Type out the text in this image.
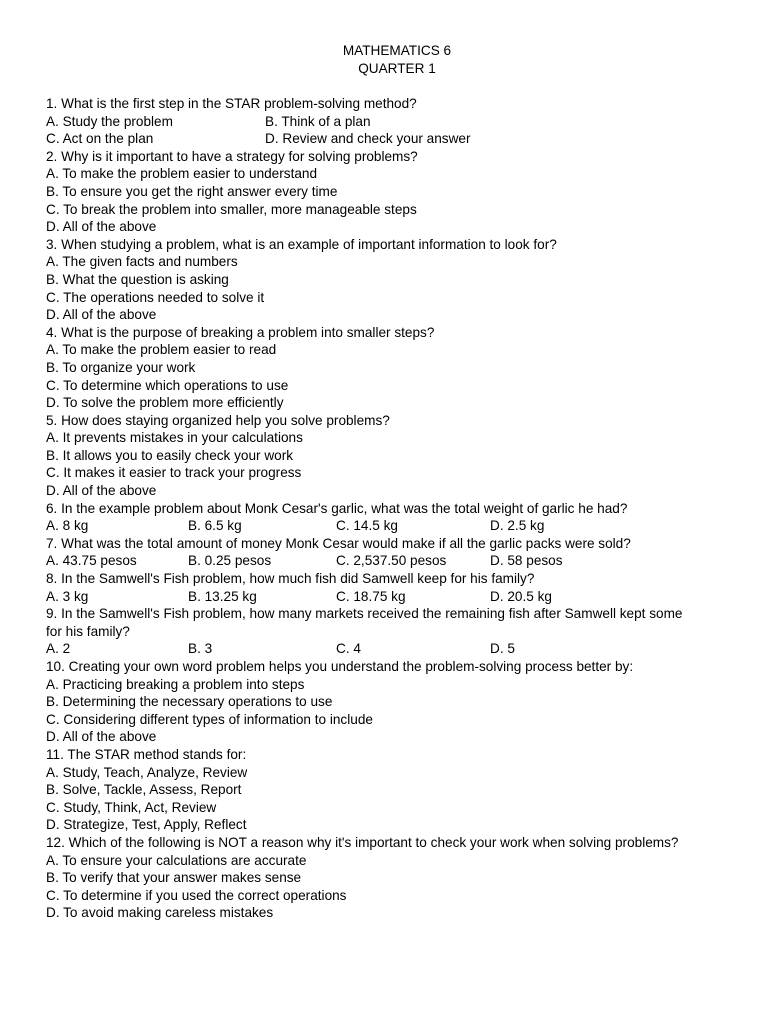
MATHEMATICS 6
QUARTER 1
1. What is the first step in the STAR problem-solving method?
A. Study the problem	B. Think of a plan
C. Act on the plan	D. Review and check your answer
2. Why is it important to have a strategy for solving problems?
A. To make the problem easier to understand
B. To ensure you get the right answer every time
C. To break the problem into smaller, more manageable steps
D. All of the above
3. When studying a problem, what is an example of important information to look for?
A. The given facts and numbers
B. What the question is asking
C. The operations needed to solve it
D. All of the above
4. What is the purpose of breaking a problem into smaller steps?
A. To make the problem easier to read
B. To organize your work
C. To determine which operations to use
D. To solve the problem more efficiently
5. How does staying organized help you solve problems?
A. It prevents mistakes in your calculations
B. It allows you to easily check your work
C. It makes it easier to track your progress
D. All of the above
6. In the example problem about Monk Cesar's garlic, what was the total weight of garlic he had?
A. 8 kg	B. 6.5 kg	C. 14.5 kg	D. 2.5 kg
7. What was the total amount of money Monk Cesar would make if all the garlic packs were sold?
A. 43.75 pesos	B. 0.25 pesos	C. 2,537.50 pesos	D. 58 pesos
8. In the Samwell's Fish problem, how much fish did Samwell keep for his family?
A. 3 kg	B. 13.25 kg	C. 18.75 kg	D. 20.5 kg
9. In the Samwell's Fish problem, how many markets received the remaining fish after Samwell kept some
for his family?
A. 2	B. 3	C. 4	D. 5
10. Creating your own word problem helps you understand the problem-solving process better by:
A. Practicing breaking a problem into steps
B. Determining the necessary operations to use
C. Considering different types of information to include
D. All of the above
11. The STAR method stands for:
A. Study, Teach, Analyze, Review
B. Solve, Tackle, Assess, Report
C. Study, Think, Act, Review
D. Strategize, Test, Apply, Reflect
12. Which of the following is NOT a reason why it's important to check your work when solving problems?
A. To ensure your calculations are accurate
B. To verify that your answer makes sense
C. To determine if you used the correct operations
D. To avoid making careless mistakes
